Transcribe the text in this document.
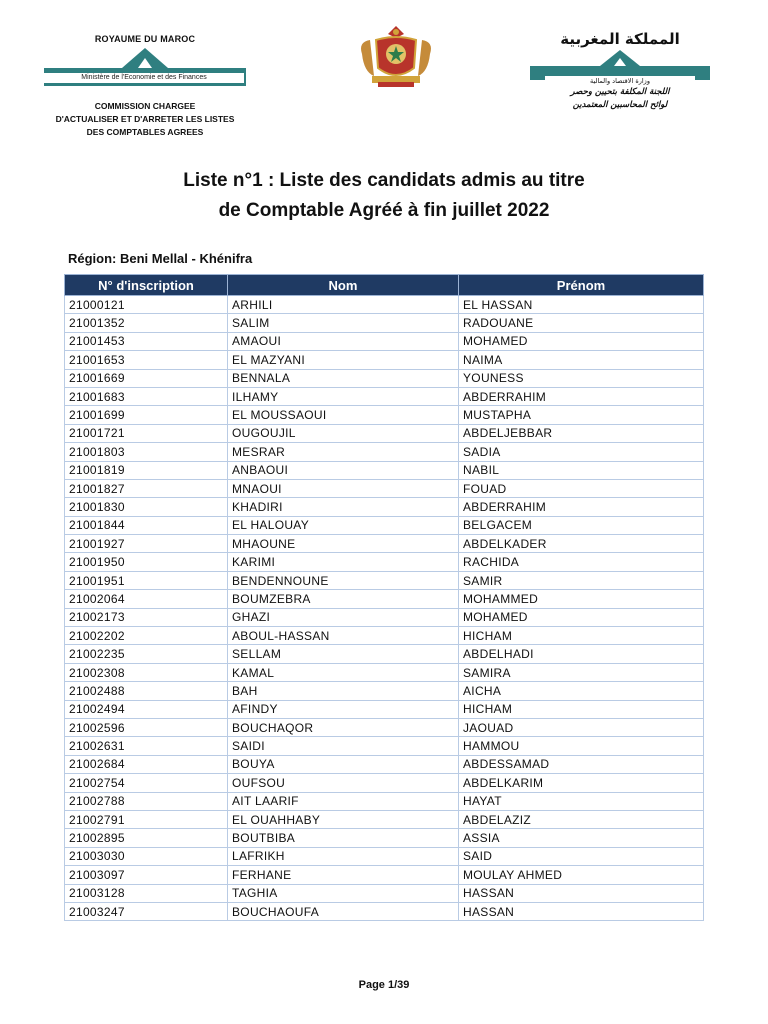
ROYAUME DU MAROC
Ministère de l'Economie et des Finances
COMMISSION CHARGEE
D'ACTUALISER ET D'ARRETER LES LISTES
DES COMPTABLES AGREES
المملكة المغربية
وزارة الاقتصاد والمالية
اللجنة المكلفة بتحيين وحصر
لوائح المحاسبين المعتمدين
Liste n°1 : Liste des candidats admis au titre
de Comptable Agréé à fin juillet 2022
Région: Beni Mellal - Khénifra
N° d'inscription	Nom	Prénom
21000121	ARHILI	EL HASSAN
21001352	SALIM	RADOUANE
21001453	AMAOUI	MOHAMED
21001653	EL MAZYANI	NAIMA
21001669	BENNALA	YOUNESS
21001683	ILHAMY	ABDERRAHIM
21001699	EL MOUSSAOUI	MUSTAPHA
21001721	OUGOUJIL	ABDELJEBBAR
21001803	MESRAR	SADIA
21001819	ANBAOUI	NABIL
21001827	MNAOUI	FOUAD
21001830	KHADIRI	ABDERRAHIM
21001844	EL HALOUAY	BELGACEM
21001927	MHAOUNE	ABDELKADER
21001950	KARIMI	RACHIDA
21001951	BENDENNOUNE	SAMIR
21002064	BOUMZEBRA	MOHAMMED
21002173	GHAZI	MOHAMED
21002202	ABOUL-HASSAN	HICHAM
21002235	SELLAM	ABDELHADI
21002308	KAMAL	SAMIRA
21002488	BAH	AICHA
21002494	AFINDY	HICHAM
21002596	BOUCHAQOR	JAOUAD
21002631	SAIDI	HAMMOU
21002684	BOUYA	ABDESSAMAD
21002754	OUFSOU	ABDELKARIM
21002788	AIT LAARIF	HAYAT
21002791	EL OUAHHABY	ABDELAZIZ
21002895	BOUTBIBA	ASSIA
21003030	LAFRIKH	SAID
21003097	FERHANE	MOULAY AHMED
21003128	TAGHIA	HASSAN
21003247	BOUCHAOUFA	HASSAN
Page 1/39
